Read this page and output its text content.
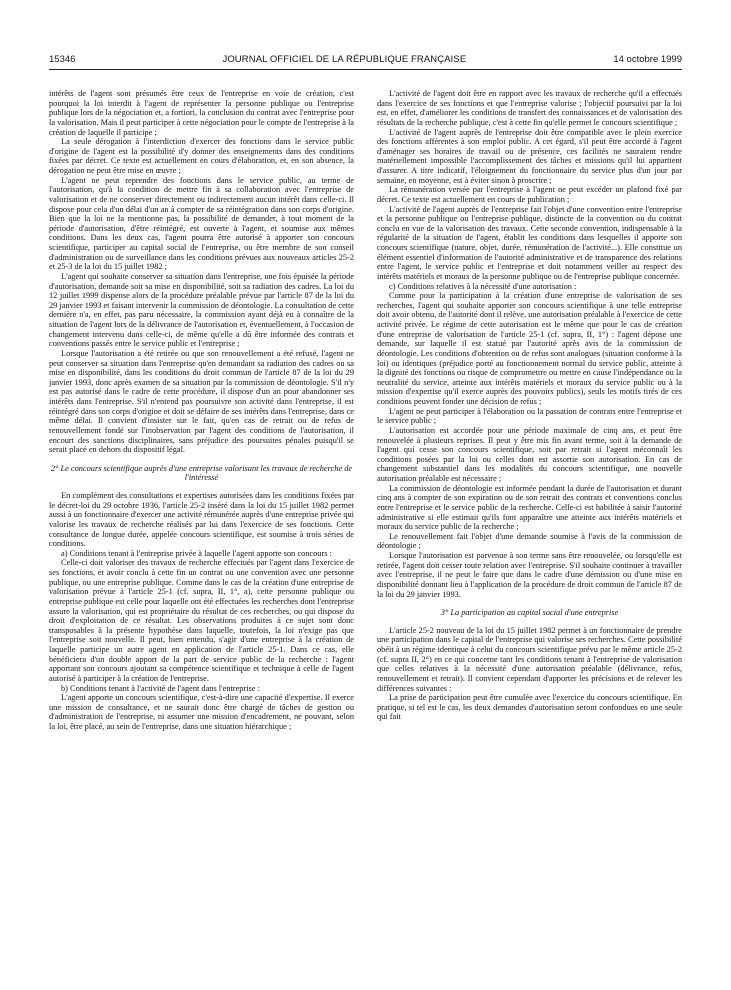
15346	JOURNAL OFFICIEL DE LA RÉPUBLIQUE FRANÇAISE	14 octobre 1999

intérêts de l'agent sont présumés être ceux de l'entreprise en voie de création, c'est pourquoi la loi interdit à l'agent de représenter la personne publique ou l'entreprise publique lors de la négociation et, a fortiori, la conclusion du contrat avec l'entreprise pour la valorisation. Mais il peut participer à cette négociation pour le compte de l'entreprise à la création de laquelle il participe ;

La seule dérogation à l'interdiction d'exercer des fonctions dans le service public d'origine de l'agent est la possibilité d'y donner des enseignements dans des conditions fixées par décret. Ce texte est actuellement en cours d'élaboration, et, en son absence, la dérogation ne peut être mise en œuvre ;

L'agent ne peut reprendre des fonctions dans le service public, au terme de l'autorisation, qu'à la condition de mettre fin à sa collaboration avec l'entreprise de valorisation et de ne conserver directement ou indirectement aucun intérêt dans celle-ci. Il dispose pour cela d'un délai d'un an à compter de sa réintégration dans son corps d'origine. Bien que la loi ne la mentionne pas, la possibilité de demander, à tout moment de la période d'autorisation, d'être réintégré, est ouverte à l'agent, et soumise aux mêmes conditions. Dans les deux cas, l'agent pourra être autorisé à apporter son concours scientifique, participer au capital social de l'entreprise, ou être membre de son conseil d'administration ou de surveillance dans les conditions prévues aux nouveaux articles 25-2 et 25-3 de la loi du 15 juillet 1982 ;

L'agent qui souhaite conserver sa situation dans l'entreprise, une fois épuisée la période d'autorisation, demande soit sa mise en disponibilité, soit sa radiation des cadres. La loi du 12 juillet 1999 dispense alors de la procédure préalable prévue par l'article 87 de la loi du 29 janvier 1993 et faisant intervenir la commission de déontologie. La consultation de cette dernière n'a, en effet, pas paru nécessaire, la commission ayant déjà eu à connaître de la situation de l'agent lors de la délivrance de l'autorisation et, éventuellement, à l'occasion de changement intervenu dans celle-ci, de même qu'elle a dû être informée des contrats et conventions passés entre le service public et l'entreprise ;

Lorsque l'autorisation a été retirée ou que son renouvellement a été refusé, l'agent ne peut conserver sa situation dans l'entreprise qu'en demandant sa radiation des cadres ou sa mise en disponibilité, dans les conditions du droit commun de l'article 87 de la loi du 29 janvier 1993, donc après examen de sa situation par la commission de déontologie. S'il n'y est pas autorisé dans le cadre de cette procédure, il dispose d'un an pour abandonner ses intérêts dans l'entreprise. S'il n'entend pas poursuivre son activité dans l'entreprise, il est réintégré dans son corps d'origine et doit se défaire de ses intérêts dans l'entreprise, dans ce même délai. Il convient d'insister sur le fait, qu'en cas de retrait ou de refus de renouvellement fondé sur l'inobservation par l'agent des conditions de l'autorisation, il encourt des sanctions disciplinaires, sans préjudice des poursuites pénales puisqu'il se serait placé en dehors du dispositif légal.

2° Le concours scientifique auprès d'une entreprise valorisant les travaux de recherche de l'intéressé

En complément des consultations et expertises autorisées dans les conditions fixées par le décret-loi du 29 octobre 1936, l'article 25-2 inséré dans la loi du 15 juillet 1982 permet aussi à un fonctionnaire d'exercer une activité rémunérée auprès d'une entreprise privée qui valorise les travaux de recherche réalisés par lui dans l'exercice de ses fonctions. Cette consultance de longue durée, appelée concours scientifique, est soumise à trois séries de conditions.

a) Conditions tenant à l'entreprise privée à laquelle l'agent apporte son concours :

Celle-ci doit valoriser des travaux de recherche effectués par l'agent dans l'exercice de ses fonctions, et avoir conclu à cette fin un contrat ou une convention avec une personne publique, ou une entreprise publique. Comme dans le cas de la création d'une entreprise de valorisation prévue à l'article 25-1 (cf. supra, II, 1°, a), cette personne publique ou entreprise publique est celle pour laquelle ont été effectuées les recherches dont l'entreprise assure la valorisation, qui est propriétaire du résultat de ces recherches, ou qui dispose du droit d'exploitation de ce résultat. Les observations produites à ce sujet sont donc transposables à la présente hypothèse dans laquelle, toutefois, la loi n'exige pas que l'entreprise soit nouvelle. Il peut, bien entendu, s'agir d'une entreprise à la création de laquelle participe un autre agent en application de l'article 25-1. Dans ce cas, elle bénéficiera d'un double apport de la part de service public de la recherche : l'agent apportant son concours ajoutant sa compétence scientifique et technique à celle de l'agent autorisé à participer à la création de l'entreprise.

b) Conditions tenant à l'activité de l'agent dans l'entreprise :

L'agent apporte un concours scientifique, c'est-à-dire une capacité d'expertise. Il exerce une mission de consultance, et ne saurait donc être chargé de tâches de gestion ou d'administration de l'entreprise, ni assumer une mission d'encadrement, ne pouvant, selon la loi, être placé, au sein de l'entreprise, dans une situation hiérarchique ;

L'activité de l'agent doit être en rapport avec les travaux de recherche qu'il a effectués dans l'exercice de ses fonctions et que l'entreprise valorise ; l'objectif poursuivi par la loi est, en effet, d'améliorer les conditions de transfert des connaissances et de valorisation des résultats de la recherche publique, c'est à cette fin qu'elle permet le concours scientifique ;

L'activité de l'agent auprès de l'entreprise doit être compatible avec le plein exercice des fonctions afférentes à son emploi public. A cet égard, s'il peut être accordé à l'agent d'aménager ses horaires de travail ou de présence, ces facilités ne sauraient rendre matériellement impossible l'accomplissement des tâches et missions qu'il lui appartient d'assurer. A titre indicatif, l'éloignement du fonctionnaire du service plus d'un jour par semaine, en moyenne, est à éviter sinon à proscrire ;

La rémunération versée par l'entreprise à l'agent ne peut excéder un plafond fixé par décret. Ce texte est actuellement en cours de publication ;

L'activité de l'agent auprès de l'entreprise fait l'objet d'une convention entre l'entreprise et la personne publique ou l'entreprise publique, distincte de la convention ou du contrat conclu en vue de la valorisation des travaux. Cette seconde convention, indispensable à la régularité de la situation de l'agent, établit les conditions dans lesquelles il apporte son concours scientifique (nature, objet, durée, rémunération de l'activité...). Elle constitue un élément essentiel d'information de l'autorité administrative et de transparence des relations entre l'agent, le service public et l'entreprise et doit notamment veiller au respect des intérêts matériels et moraux de la personne publique ou de l'entreprise publique concernée.

c) Conditions relatives à la nécessité d'une autorisation :

Comme pour la participation à la création d'une entreprise de valorisation de ses recherches, l'agent qui souhaite apporter son concours scientifique à une telle entreprise doit avoir obtenu, de l'autorité dont il relève, une autorisation préalable à l'exercice de cette activité privée. Le régime de cette autorisation est le même que pour le cas de création d'une entreprise de valorisation de l'article 25-1 (cf. supra, II, 1°) : l'agent dépose une demande, sur laquelle il est statué par l'autorité après avis de la commission de déontologie. Les conditions d'obtention ou de refus sont analogues (situation conforme à la loi) ou identiques (préjudice porté au fonctionnement normal du service public, atteinte à la dignité des fonctions ou risque de compromettre ou mettre en cause l'indépendance ou la neutralité du service, atteinte aux intérêts matériels et moraux du service public ou à la mission d'expertise qu'il exerce auprès des pouvoirs publics), seuls les motifs tirés de ces conditions peuvent fonder une décision de refus ;

L'agent ne peut participer à l'élaboration ou la passation de contrats entre l'entreprise et le service public ;

L'autorisation est accordée pour une période maximale de cinq ans, et peut être renouvelée à plusieurs reprises. Il peut y être mis fin avant terme, soit à la demande de l'agent qui cesse son concours scientifique, soit par retrait si l'agent méconnaît les conditions posées par la loi ou celles dont est assortie son autorisation. En cas de changement substantiel dans les modalités du concours scientifique, une nouvelle autorisation préalable est nécessaire ;

La commission de déontologie est informée pendant la durée de l'autorisation et durant cinq ans à compter de son expiration ou de son retrait des contrats et conventions conclus entre l'entreprise et le service public de la recherche. Celle-ci est habilitée à saisir l'autorité administrative si elle estimait qu'ils font apparaître une atteinte aux intérêts matériels et moraux du service public de la recherche ;

Le renouvellement fait l'objet d'une demande soumise à l'avis de la commission de déontologie ;

Lorsque l'autorisation est parvenue à son terme sans être renouvelée, ou lorsqu'elle est retirée, l'agent doit cesser toute relation avec l'entreprise. S'il souhaite continuer à travailler avec l'entreprise, il ne peut le faire que dans le cadre d'une démission ou d'une mise en disponibilité donnant lieu à l'application de la procédure de droit commun de l'article 87 de la loi du 29 janvier 1993.

3° La participation au capital social d'une entreprise

L'article 25-2 nouveau de la loi du 15 juillet 1982 permet à un fonctionnaire de prendre une participation dans le capital de l'entreprise qui valorise ses recherches. Cette possibilité obéit à un régime identique à celui du concours scientifique prévu par le même article 25-2 (cf. supra II, 2°) en ce qui concerne tant les conditions tenant à l'entreprise de valorisation que celles relatives à la nécessité d'une autorisation préalable (délivrance, refus, renouvellement et retrait). Il convient cependant d'apporter les précisions et de relever les différences suivantes :

La prise de participation peut être cumulée avec l'exercice du concours scientifique. En pratique, si tel est le cas, les deux demandes d'autorisation seront confondues en une seule qui fait
